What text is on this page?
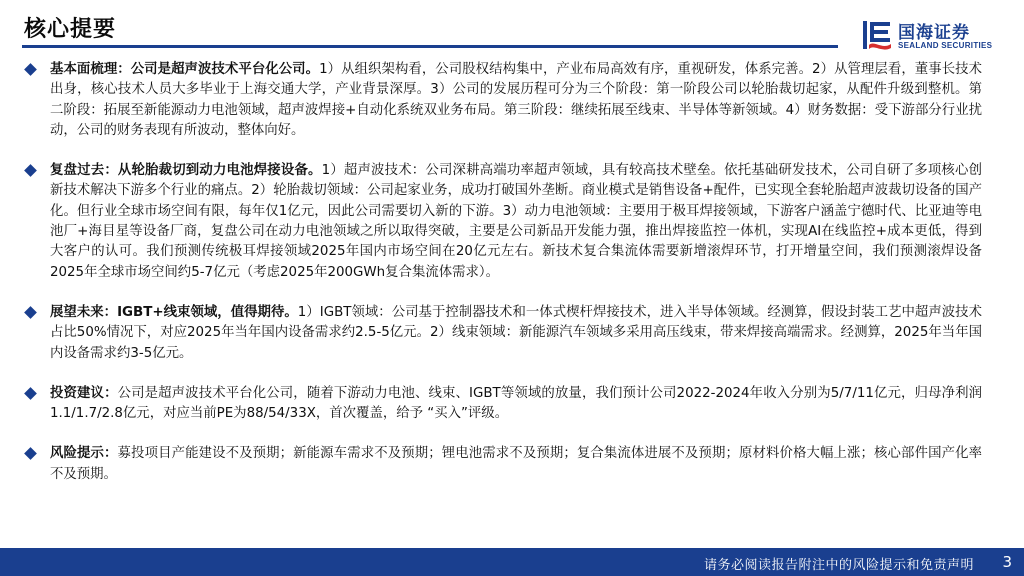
核心提要	国海证券
SEALAND SECURITIES
基本面梳理：公司是超声波技术平台化公司。1）从组织架构看，公司股权结构集中，产业布局高效有序，重视研发，体系完善。2）从管理层看，董事长技术出身，核心技术人员大多毕业于上海交通大学，产业背景深厚。3）公司的发展历程可分为三个阶段：第一阶段公司以轮胎裁切起家，从配件升级到整机。第二阶段：拓展至新能源动力电池领域，超声波焊接+自动化系统双业务布局。第三阶段：继续拓展至线束、半导体等新领域。4）财务数据：受下游部分行业扰动，公司的财务表现有所波动，整体向好。
复盘过去：从轮胎裁切到动力电池焊接设备。1）超声波技术：公司深耕高端功率超声领域，具有较高技术壁垒。依托基础研发技术，公司自研了多项核心创新技术解决下游多个行业的痛点。2）轮胎裁切领域：公司起家业务，成功打破国外垄断。商业模式是销售设备+配件，已实现全套轮胎超声波裁切设备的国产化。但行业全球市场空间有限，每年仅1亿元，因此公司需要切入新的下游。3）动力电池领域：主要用于极耳焊接领域，下游客户涵盖宁德时代、比亚迪等电池厂+海目星等设备厂商，复盘公司在动力电池领域之所以取得突破，主要是公司新品开发能力强，推出焊接监控一体机，实现AI在线监控+成本更低，得到大客户的认可。我们预测传统极耳焊接领域2025年国内市场空间在20亿元左右。新技术复合集流体需要新增滚焊环节，打开增量空间，我们预测滚焊设备2025年全球市场空间约5-7亿元（考虑2025年200GWh复合集流体需求）。
展望未来：IGBT+线束领域，值得期待。1）IGBT领域：公司基于控制器技术和一体式楔杆焊接技术，进入半导体领域。经测算，假设封装工艺中超声波技术占比50%情况下，对应2025年当年国内设备需求约2.5-5亿元。2）线束领域：新能源汽车领域多采用高压线束，带来焊接高端需求。经测算，2025年当年国内设备需求约3-5亿元。
投资建议：公司是超声波技术平台化公司，随着下游动力电池、线束、IGBT等领域的放量，我们预计公司2022-2024年收入分别为5/7/11亿元，归母净利润1.1/1.7/2.8亿元，对应当前PE为88/54/33X，首次覆盖，给予 “买入”评级。
风险提示：募投项目产能建设不及预期；新能源车需求不及预期；锂电池需求不及预期；复合集流体进展不及预期；原材料价格大幅上涨；核心部件国产化率不及预期。
请务必阅读报告附注中的风险提示和免责声明 3
